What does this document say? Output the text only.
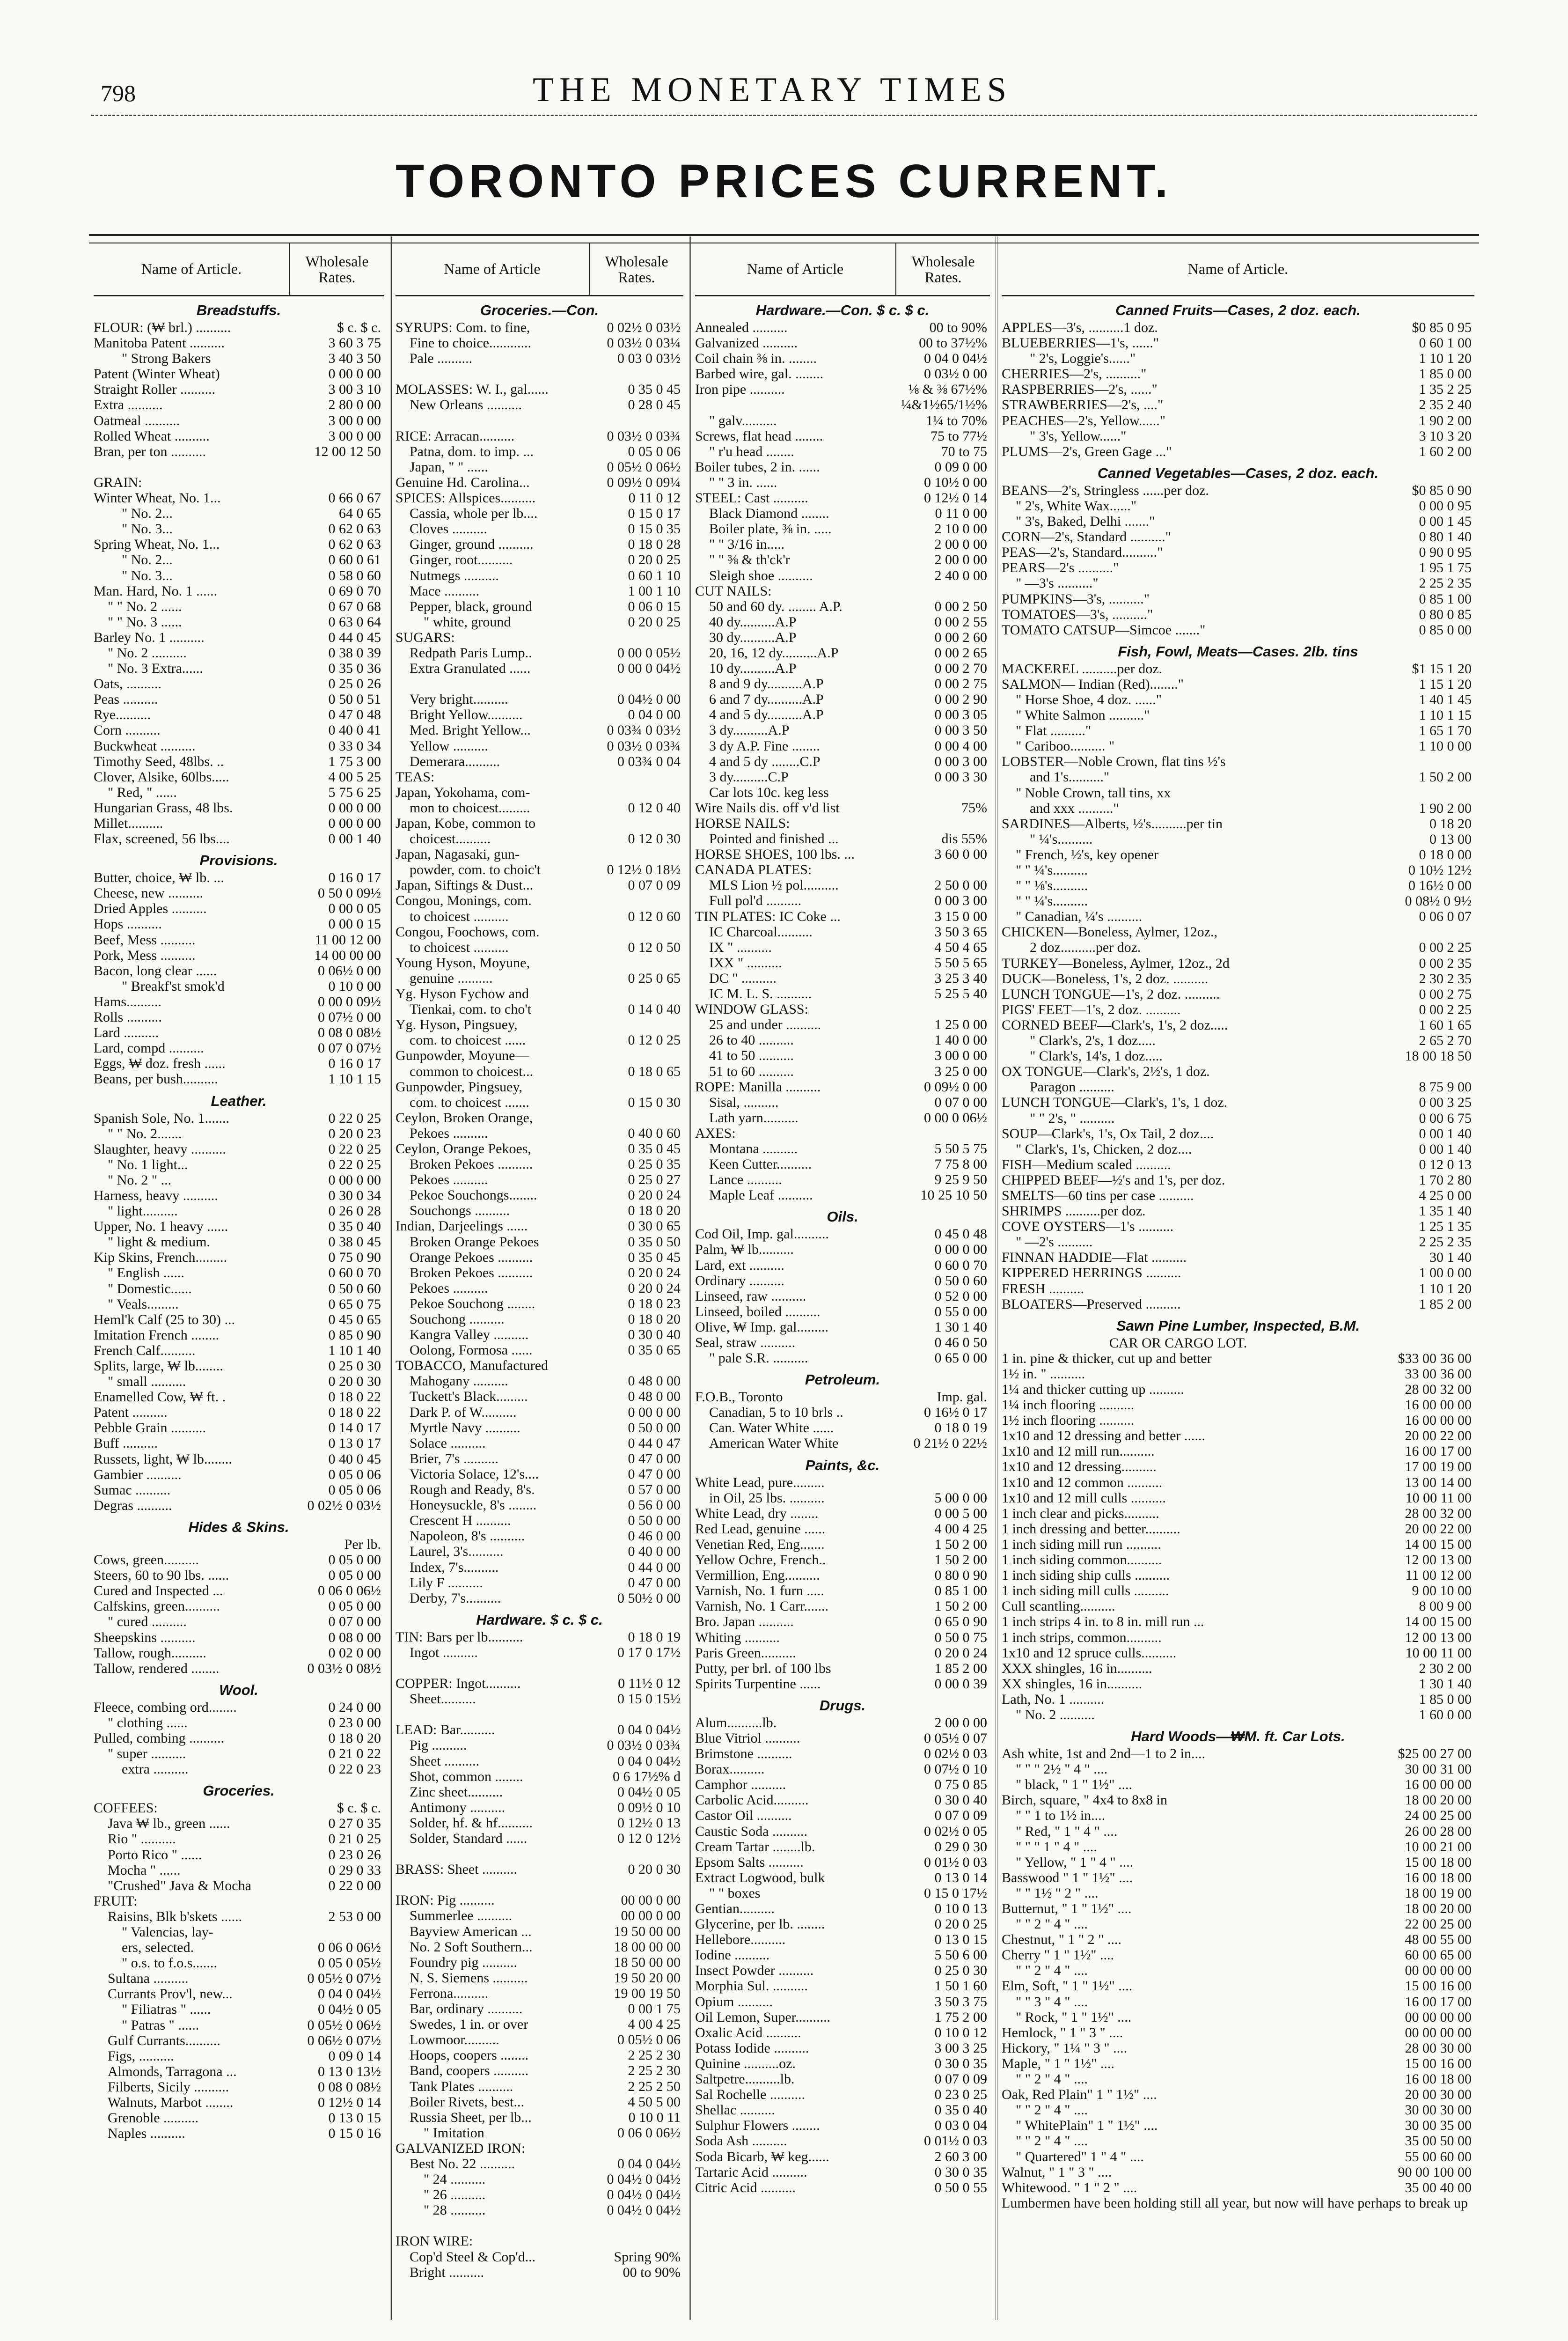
798	THE MONETARY TIMES
TORONTO PRICES CURRENT.
Name of Article.	Wholesale Rates.
Breadstuffs.
FLOUR: (₩ brl.) ..........	$ c. $ c.
Manitoba Patent ..........	3 60 3 75
" Strong Bakers	3 40 3 50
Patent (Winter Wheat)	0 00 0 00
Straight Roller ..........	3 00 3 10
Extra ..........	2 80 0 00
Oatmeal ..........	3 00 0 00
Rolled Wheat ..........	3 00 0 00
Bran, per ton ..........	12 00 12 50
GRAIN:
Winter Wheat, No. 1...	0 66 0 67
" No. 2...	64 0 65
" No. 3...	0 62 0 63
Spring Wheat, No. 1...	0 62 0 63
" No. 2...	0 60 0 61
" No. 3...	0 58 0 60
Man. Hard, No. 1 ......	0 69 0 70
" " No. 2 ......	0 67 0 68
" " No. 3 ......	0 63 0 64
Barley No. 1 ..........	0 44 0 45
" No. 2 ..........	0 38 0 39
" No. 3 Extra......	0 35 0 36
Oats, ..........	0 25 0 26
Peas ..........	0 50 0 51
Rye..........	0 47 0 48
Corn ..........	0 40 0 41
Buckwheat ..........	0 33 0 34
Timothy Seed, 48lbs. ..	1 75 3 00
Clover, Alsike, 60lbs.....	4 00 5 25
" Red, " ......	5 75 6 25
Hungarian Grass, 48 lbs.	0 00 0 00
Millet..........	0 00 0 00
Flax, screened, 56 lbs....	0 00 1 40
Provisions.
Butter, choice, ₩ lb. ...	0 16 0 17
Cheese, new ..........	0 50 0 09½
Dried Apples ..........	0 00 0 05
Hops ..........	0 00 0 15
Beef, Mess ..........	11 00 12 00
Pork, Mess ..........	14 00 00 00
Bacon, long clear ......	0 06½ 0 00
" Breakf'st smok'd	0 10 0 00
Hams..........	0 00 0 09½
Rolls ..........	0 07½ 0 00
Lard ..........	0 08 0 08½
Lard, compd ..........	0 07 0 07½
Eggs, ₩ doz. fresh ......	0 16 0 17
Beans, per bush..........	1 10 1 15
Leather.
Spanish Sole, No. 1.......	0 22 0 25
" " No. 2.......	0 20 0 23
Slaughter, heavy ..........	0 22 0 25
" No. 1 light...	0 22 0 25
" No. 2 " ...	0 00 0 00
Harness, heavy ..........	0 30 0 34
" light..........	0 26 0 28
Upper, No. 1 heavy ......	0 35 0 40
" light & medium.	0 38 0 45
Kip Skins, French.........	0 75 0 90
" English ......	0 60 0 70
" Domestic......	0 50 0 60
" Veals.........	0 65 0 75
Heml'k Calf (25 to 30) ...	0 45 0 65
Imitation French ........	0 85 0 90
French Calf..........	1 10 1 40
Splits, large, ₩ lb........	0 25 0 30
" small ..........	0 20 0 30
Enamelled Cow, ₩ ft. .	0 18 0 22
Patent ..........	0 18 0 22
Pebble Grain ..........	0 14 0 17
Buff ..........	0 13 0 17
Russets, light, ₩ lb........	0 40 0 45
Gambier ..........	0 05 0 06
Sumac ..........	0 05 0 06
Degras ..........	0 02½ 0 03½
Hides & Skins.
Per lb.
Cows, green..........	0 05 0 00
Steers, 60 to 90 lbs. ......	0 05 0 00
Cured and Inspected ...	0 06 0 06½
Calfskins, green..........	0 05 0 00
" cured ..........	0 07 0 00
Sheepskins ..........	0 08 0 00
Tallow, rough..........	0 02 0 00
Tallow, rendered ........	0 03½ 0 08½
Wool.
Fleece, combing ord........	0 24 0 00
" clothing ......	0 23 0 00
Pulled, combing ..........	0 18 0 20
" super ..........	0 21 0 22
extra ..........	0 22 0 23
Groceries.
COFFEES:	$ c. $ c.
Java ₩ lb., green ......	0 27 0 35
Rio " ..........	0 21 0 25
Porto Rico " ......	0 23 0 26
Mocha " ......	0 29 0 33
"Crushed" Java & Mocha	0 22 0 00
FRUIT:
Raisins, Blk b'skets ......	2 53 0 00
" Valencias, lay-
ers, selected.	0 06 0 06½
" o.s. to f.o.s.......	0 05 0 05½
Sultana ..........	0 05½ 0 07½
Currants Prov'l, new...	0 04 0 04½
" Filiatras " ......	0 04½ 0 05
" Patras " ......	0 05½ 0 06½
Gulf Currants..........	0 06½ 0 07½
Figs, ..........	0 09 0 14
Almonds, Tarragona ...	0 13 0 13½
Filberts, Sicily ..........	0 08 0 08½
Walnuts, Marbot ........	0 12½ 0 14
Grenoble ..........	0 13 0 15
Naples ..........	0 15 0 16
Name of Article	Wholesale Rates.
Groceries.—Con.
SYRUPS: Com. to fine,	0 02½ 0 03½
Fine to choice............	0 03½ 0 03¼
Pale ..........	0 03 0 03½
MOLASSES: W. I., gal......	0 35 0 45
New Orleans ..........	0 28 0 45
RICE: Arracan..........	0 03½ 0 03¾
Patna, dom. to imp. ...	0 05 0 06
Japan, " " ......	0 05½ 0 06½
Genuine Hd. Carolina...	0 09½ 0 09¼
SPICES: Allspices..........	0 11 0 12
Cassia, whole per lb....	0 15 0 17
Cloves ..........	0 15 0 35
Ginger, ground ..........	0 18 0 28
Ginger, root..........	0 20 0 25
Nutmegs ..........	0 60 1 10
Mace ..........	1 00 1 10
Pepper, black, ground	0 06 0 15
" white, ground	0 20 0 25
SUGARS:
Redpath Paris Lump..	0 00 0 05½
Extra Granulated ......	0 00 0 04½
Very bright..........	0 04½ 0 00
Bright Yellow..........	0 04 0 00
Med. Bright Yellow...	0 03¾ 0 03½
Yellow ..........	0 03½ 0 03¾
Demerara..........	0 03¾ 0 04
TEAS:
Japan, Yokohama, com-
mon to choicest.........	0 12 0 40
Japan, Kobe, common to
choicest..........	0 12 0 30
Japan, Nagasaki, gun-
powder, com. to choic't	0 12½ 0 18½
Japan, Siftings & Dust...	0 07 0 09
Congou, Monings, com.
to choicest ..........	0 12 0 60
Congou, Foochows, com.
to choicest ..........	0 12 0 50
Young Hyson, Moyune,
genuine ..........	0 25 0 65
Yg. Hyson Fychow and
Tienkai, com. to cho't	0 14 0 40
Yg. Hyson, Pingsuey,
com. to choicest ......	0 12 0 25
Gunpowder, Moyune—
common to choicest...	0 18 0 65
Gunpowder, Pingsuey,
com. to choicest .......	0 15 0 30
Ceylon, Broken Orange,
Pekoes ..........	0 40 0 60
Ceylon, Orange Pekoes,	0 35 0 45
Broken Pekoes ..........	0 25 0 35
Pekoes ..........	0 25 0 27
Pekoe Souchongs........	0 20 0 24
Souchongs ..........	0 18 0 20
Indian, Darjeelings ......	0 30 0 65
Broken Orange Pekoes	0 35 0 50
Orange Pekoes ..........	0 35 0 45
Broken Pekoes ..........	0 20 0 24
Pekoes ..........	0 20 0 24
Pekoe Souchong ........	0 18 0 23
Souchong ..........	0 18 0 20
Kangra Valley ..........	0 30 0 40
Oolong, Formosa ......	0 35 0 65
TOBACCO, Manufactured
Mahogany ..........	0 48 0 00
Tuckett's Black.........	0 48 0 00
Dark P. of W..........	0 00 0 00
Myrtle Navy ..........	0 50 0 00
Solace ..........	0 44 0 47
Brier, 7's ..........	0 47 0 00
Victoria Solace, 12's....	0 47 0 00
Rough and Ready, 8's.	0 57 0 00
Honeysuckle, 8's ........	0 56 0 00
Crescent H ..........	0 50 0 00
Napoleon, 8's ..........	0 46 0 00
Laurel, 3's..........	0 40 0 00
Index, 7's..........	0 44 0 00
Lily F ..........	0 47 0 00
Derby, 7's..........	0 50½ 0 00
Hardware. $ c. $ c.
TIN: Bars per lb..........	0 18 0 19
Ingot ..........	0 17 0 17½
COPPER: Ingot..........	0 11½ 0 12
Sheet..........	0 15 0 15½
LEAD: Bar..........	0 04 0 04½
Pig ..........	0 03½ 0 03¾
Sheet ..........	0 04 0 04½
Shot, common ........	0 6 17½% d
Zinc sheet..........	0 04½ 0 05
Antimony ..........	0 09½ 0 10
Solder, hf. & hf..........	0 12½ 0 13
Solder, Standard ......	0 12 0 12½
BRASS: Sheet ..........	0 20 0 30
IRON: Pig ..........	00 00 0 00
Summerlee ..........	00 00 0 00
Bayview American ...	19 50 00 00
No. 2 Soft Southern...	18 00 00 00
Foundry pig ..........	18 50 00 00
N. S. Siemens ..........	19 50 20 00
Ferrona..........	19 00 19 50
Bar, ordinary ..........	0 00 1 75
Swedes, 1 in. or over	4 00 4 25
Lowmoor..........	0 05½ 0 06
Hoops, coopers ........	2 25 2 30
Band, coopers ..........	2 25 2 30
Tank Plates ..........	2 25 2 50
Boiler Rivets, best...	4 50 5 00
Russia Sheet, per lb...	0 10 0 11
" Imitation	0 06 0 06½
GALVANIZED IRON:
Best No. 22 ..........	0 04 0 04½
" 24 ..........	0 04½ 0 04½
" 26 ..........	0 04½ 0 04½
" 28 ..........	0 04½ 0 04½
IRON WIRE:
Cop'd Steel & Cop'd...	Spring 90%
Bright ..........	00 to 90%
Name of Article	Wholesale Rates.
Hardware.—Con. $ c. $ c.
Annealed ..........	00 to 90%
Galvanized ..........	00 to 37½%
Coil chain ⅜ in. ........	0 04 0 04½
Barbed wire, gal. ........	0 03½ 0 00
Iron pipe ..........	⅛ & ⅜ 67½%
¼&1½65/1½%
" galv..........	1¼ to 70%
Screws, flat head ........	75 to 77½
" r'u head ........	70 to 75
Boiler tubes, 2 in. ......	0 09 0 00
" " 3 in. ......	0 10½ 0 00
STEEL: Cast ..........	0 12½ 0 14
Black Diamond ........	0 11 0 00
Boiler plate, ⅜ in. .....	2 10 0 00
" " 3/16 in.....	2 00 0 00
" " ⅜ & th'ck'r	2 00 0 00
Sleigh shoe ..........	2 40 0 00
CUT NAILS:
50 and 60 dy. ........ A.P.	0 00 2 50
40 dy..........A.P	0 00 2 55
30 dy..........A.P	0 00 2 60
20, 16, 12 dy..........A.P	0 00 2 65
10 dy..........A.P	0 00 2 70
8 and 9 dy..........A.P	0 00 2 75
6 and 7 dy..........A.P	0 00 2 90
4 and 5 dy..........A.P	0 00 3 05
3 dy..........A.P	0 00 3 50
3 dy A.P. Fine ........	0 00 4 00
4 and 5 dy ........C.P	0 00 3 00
3 dy..........C.P	0 00 3 30
Car lots 10c. keg less
Wire Nails dis. off v'd list	75%
HORSE NAILS:
Pointed and finished ...	dis 55%
HORSE SHOES, 100 lbs. ...	3 60 0 00
CANADA PLATES:
MLS Lion ½ pol..........	2 50 0 00
Full pol'd ..........	0 00 3 00
TIN PLATES: IC Coke ...	3 15 0 00
IC Charcoal..........	3 50 3 65
IX " ..........	4 50 4 65
IXX " ..........	5 50 5 65
DC " ..........	3 25 3 40
IC M. L. S. ..........	5 25 5 40
WINDOW GLASS:
25 and under ..........	1 25 0 00
26 to 40 ..........	1 40 0 00
41 to 50 ..........	3 00 0 00
51 to 60 ..........	3 25 0 00
ROPE: Manilla ..........	0 09½ 0 00
Sisal, ..........	0 07 0 00
Lath yarn..........	0 00 0 06½
AXES:
Montana ..........	5 50 5 75
Keen Cutter..........	7 75 8 00
Lance ..........	9 25 9 50
Maple Leaf ..........	10 25 10 50
Oils.
Cod Oil, Imp. gal..........	0 45 0 48
Palm, ₩ lb..........	0 00 0 00
Lard, ext ..........	0 60 0 70
Ordinary ..........	0 50 0 60
Linseed, raw ..........	0 52 0 00
Linseed, boiled ..........	0 55 0 00
Olive, ₩ Imp. gal.........	1 30 1 40
Seal, straw ..........	0 46 0 50
" pale S.R. ..........	0 65 0 00
Petroleum.
F.O.B., Toronto	Imp. gal.
Canadian, 5 to 10 brls ..	0 16½ 0 17
Can. Water White ......	0 18 0 19
American Water White	0 21½ 0 22½
Paints, &c.
White Lead, pure.........
in Oil, 25 lbs. ..........	5 00 0 00
White Lead, dry ........	0 00 5 00
Red Lead, genuine ......	4 00 4 25
Venetian Red, Eng.......	1 50 2 00
Yellow Ochre, French..	1 50 2 00
Vermillion, Eng..........	0 80 0 90
Varnish, No. 1 furn .....	0 85 1 00
Varnish, No. 1 Carr.......	1 50 2 00
Bro. Japan ..........	0 65 0 90
Whiting ..........	0 50 0 75
Paris Green..........	0 20 0 24
Putty, per brl. of 100 lbs	1 85 2 00
Spirits Turpentine ......	0 00 0 39
Drugs.
Alum..........lb.	2 00 0 00
Blue Vitriol ..........	0 05½ 0 07
Brimstone ..........	0 02½ 0 03
Borax..........	0 07½ 0 10
Camphor ..........	0 75 0 85
Carbolic Acid..........	0 30 0 40
Castor Oil ..........	0 07 0 09
Caustic Soda ..........	0 02½ 0 05
Cream Tartar ........lb.	0 29 0 30
Epsom Salts ..........	0 01½ 0 03
Extract Logwood, bulk	0 13 0 14
" " boxes	0 15 0 17½
Gentian..........	0 10 0 13
Glycerine, per lb. ........	0 20 0 25
Hellebore..........	0 13 0 15
Iodine ..........	5 50 6 00
Insect Powder ..........	0 25 0 30
Morphia Sul. ..........	1 50 1 60
Opium ..........	3 50 3 75
Oil Lemon, Super..........	1 75 2 00
Oxalic Acid ..........	0 10 0 12
Potass Iodide ..........	3 00 3 25
Quinine ..........oz.	0 30 0 35
Saltpetre..........lb.	0 07 0 09
Sal Rochelle ..........	0 23 0 25
Shellac ..........	0 35 0 40
Sulphur Flowers ........	0 03 0 04
Soda Ash ..........	0 01½ 0 03
Soda Bicarb, ₩ keg......	2 60 3 00
Tartaric Acid ..........	0 30 0 35
Citric Acid ..........	0 50 0 55
Name of Article.
Canned Fruits—Cases, 2 doz. each.
APPLES—3's, ..........1 doz.	$0 85 0 95
BLUEBERRIES—1's, ......"	0 60 1 00
" 2's, Loggie's......"	1 10 1 20
CHERRIES—2's, .........."	1 85 0 00
RASPBERRIES—2's, ......"	1 35 2 25
STRAWBERRIES—2's, ...."	2 35 2 40
PEACHES—2's, Yellow......"	1 90 2 00
" 3's, Yellow......"	3 10 3 20
PLUMS—2's, Green Gage ..."	1 60 2 00
Canned Vegetables—Cases, 2 doz. each.
BEANS—2's, Stringless ......per doz.	$0 85 0 90
" 2's, White Wax......"	0 00 0 95
" 3's, Baked, Delhi ......."	0 00 1 45
CORN—2's, Standard .........."	0 80 1 40
PEAS—2's, Standard.........."	0 90 0 95
PEARS—2's .........."	1 95 1 75
" —3's .........."	2 25 2 35
PUMPKINS—3's, .........."	0 85 1 00
TOMATOES—3's, .........."	0 80 0 85
TOMATO CATSUP—Simcoe ......."	0 85 0 00
Fish, Fowl, Meats—Cases. 2lb. tins
MACKEREL ..........per doz.	$1 15 1 20
SALMON— Indian (Red)........"	1 15 1 20
" Horse Shoe, 4 doz. ......"	1 40 1 45
" White Salmon .........."	1 10 1 15
" Flat .........."	1 65 1 70
" Cariboo.......... "	1 10 0 00
LOBSTER—Noble Crown, flat tins ½'s
and 1's.........."	1 50 2 00
" Noble Crown, tall tins, xx
and xxx .........."	1 90 2 00
SARDINES—Alberts, ½'s..........per tin	0 18 20
" ¼'s..........	0 13 00
" French, ½'s, key opener	0 18 0 00
" " ¼'s..........	0 10½ 12½
" " ⅛'s..........	0 16½ 0 00
" " ¼'s..........	0 08½ 0 9½
" Canadian, ¼'s ..........	0 06 0 07
CHICKEN—Boneless, Aylmer, 12oz.,
2 doz..........per doz.	0 00 2 25
TURKEY—Boneless, Aylmer, 12oz., 2d	0 00 2 35
DUCK—Boneless, 1's, 2 doz. ..........	2 30 2 35
LUNCH TONGUE—1's, 2 doz. ..........	0 00 2 75
PIGS' FEET—1's, 2 doz. ..........	0 00 2 25
CORNED BEEF—Clark's, 1's, 2 doz.....	1 60 1 65
" Clark's, 2's, 1 doz.....	2 65 2 70
" Clark's, 14's, 1 doz.....	18 00 18 50
OX TONGUE—Clark's, 2½'s, 1 doz.
Paragon ..........	8 75 9 00
LUNCH TONGUE—Clark's, 1's, 1 doz.	0 00 3 25
" " 2's, " ..........	0 00 6 75
SOUP—Clark's, 1's, Ox Tail, 2 doz....	0 00 1 40
" Clark's, 1's, Chicken, 2 doz....	0 00 1 40
FISH—Medium scaled ..........	0 12 0 13
CHIPPED BEEF—½'s and 1's, per doz.	1 70 2 80
SMELTS—60 tins per case ..........	4 25 0 00
SHRIMPS ..........per doz.	1 35 1 40
COVE OYSTERS—1's ..........	1 25 1 35
" —2's ..........	2 25 2 35
FINNAN HADDIE—Flat ..........	30 1 40
KIPPERED HERRINGS ..........	1 00 0 00
FRESH ..........	1 10 1 20
BLOATERS—Preserved ..........	1 85 2 00
Sawn Pine Lumber, Inspected, B.M.
CAR OR CARGO LOT.
1 in. pine & thicker, cut up and better	$33 00 36 00
1½ in. " ..........	33 00 36 00
1¼ and thicker cutting up ..........	28 00 32 00
1¼ inch flooring ..........	16 00 00 00
1½ inch flooring ..........	16 00 00 00
1x10 and 12 dressing and better ......	20 00 22 00
1x10 and 12 mill run..........	16 00 17 00
1x10 and 12 dressing..........	17 00 19 00
1x10 and 12 common ..........	13 00 14 00
1x10 and 12 mill culls ..........	10 00 11 00
1 inch clear and picks..........	28 00 32 00
1 inch dressing and better..........	20 00 22 00
1 inch siding mill run ..........	14 00 15 00
1 inch siding common..........	12 00 13 00
1 inch siding ship culls ..........	11 00 12 00
1 inch siding mill culls ..........	9 00 10 00
Cull scantling..........	8 00 9 00
1 inch strips 4 in. to 8 in. mill run ...	14 00 15 00
1 inch strips, common..........	12 00 13 00
1x10 and 12 spruce culls..........	10 00 11 00
XXX shingles, 16 in..........	2 30 2 00
XX shingles, 16 in..........	1 30 1 40
Lath, No. 1 ..........	1 85 0 00
" No. 2 ..........	1 60 0 00
Hard Woods—₩M. ft. Car Lots.
Ash white, 1st and 2nd—1 to 2 in....	$25 00 27 00
" " " 2½ " 4 " ....	30 00 31 00
" black, " 1 " 1½" ....	16 00 00 00
Birch, square, " 4x4 to 8x8 in	18 00 20 00
" " 1 to 1½ in....	24 00 25 00
" Red, " 1 " 4 " ....	26 00 28 00
" " " 1 " 4 " ....	10 00 21 00
" Yellow, " 1 " 4 " ....	15 00 18 00
Basswood " 1 " 1½" ....	16 00 18 00
" " 1½ " 2 " ....	18 00 19 00
Butternut, " 1 " 1½" ....	18 00 20 00
" " 2 " 4 " ....	22 00 25 00
Chestnut, " 1 " 2 " ....	48 00 55 00
Cherry " 1 " 1½" ....	60 00 65 00
" " 2 " 4 " ....	00 00 00 00
Elm, Soft, " 1 " 1½" ....	15 00 16 00
" " 3 " 4 " ....	16 00 17 00
" Rock, " 1 " 1½" ....	00 00 00 00
Hemlock, " 1 " 3 " ....	00 00 00 00
Hickory, " 1¼ " 3 " ....	28 00 30 00
Maple, " 1 " 1½" ....	15 00 16 00
" " 2 " 4 " ....	16 00 18 00
Oak, Red Plain" 1 " 1½" ....	20 00 30 00
" " 2 " 4 " ....	30 00 30 00
" WhitePlain" 1 " 1½" ....	30 00 35 00
" " 2 " 4 " ....	35 00 50 00
" Quartered" 1 " 4 " ....	55 00 60 00
Walnut, " 1 " 3 " ....	90 00 100 00
Whitewood. " 1 " 2 " ....	35 00 40 00
Lumbermen have been holding still all year, but now will have perhaps to break up
